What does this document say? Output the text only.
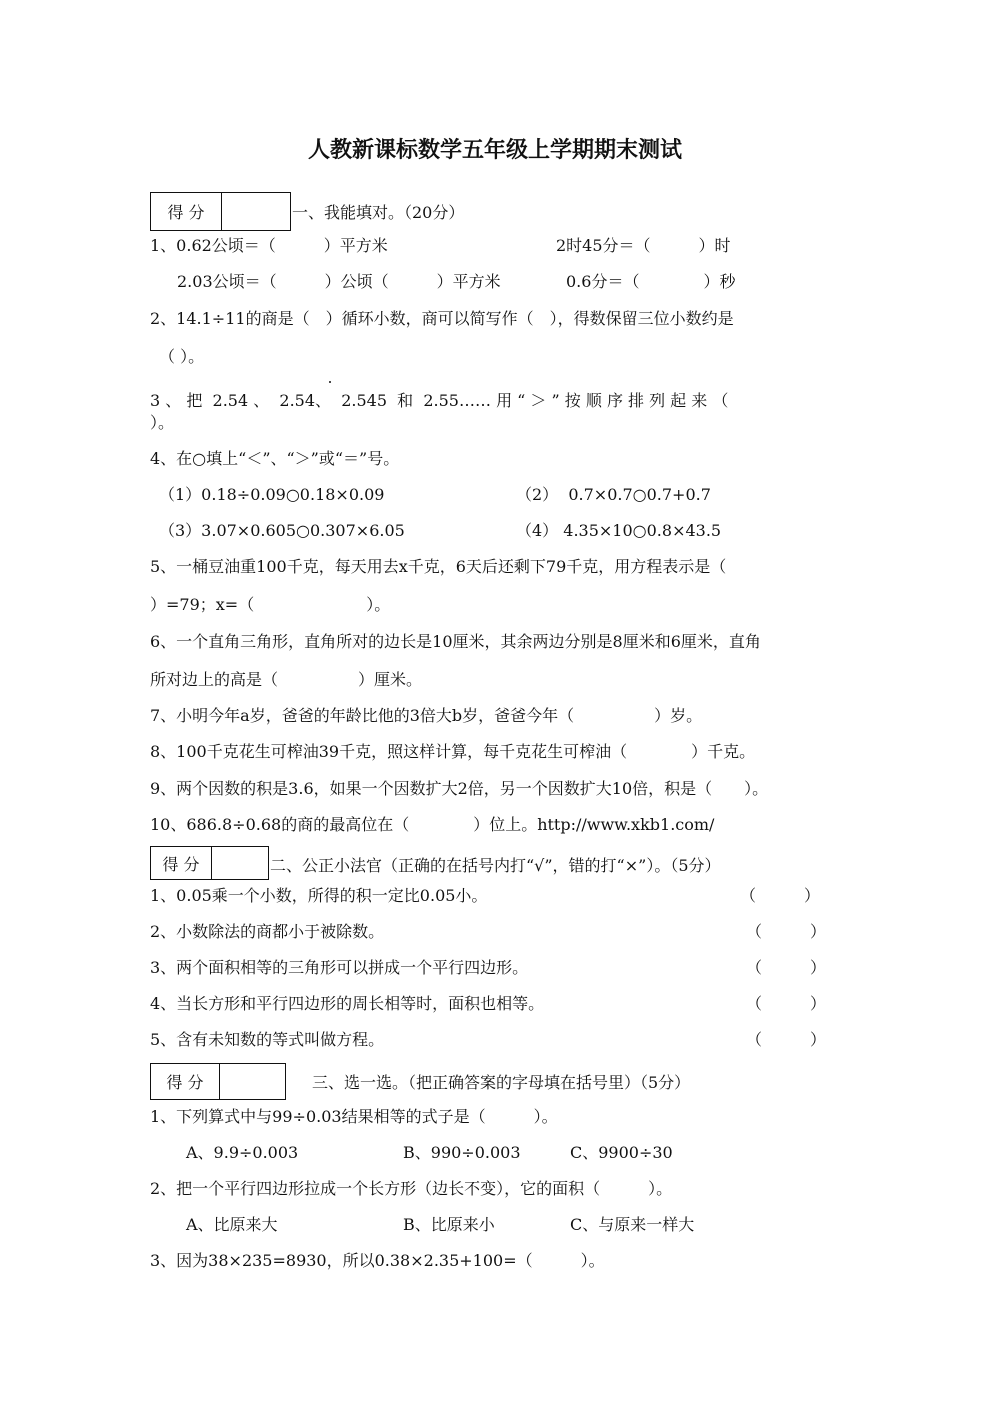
人教新课标数学五年级上学期期末测试
得 分	一、我能填对。（20分）
1、0.62公顷＝（　　　）平方米	2时45分＝（　　　）时
2.03公顷＝（　　　）公顷（　　　）平方米	0.6分＝（　　　　）秒
2、14.1÷11的商是（　）循环小数，商可以简写作（　），得数保留三位小数约是
（ ）。
3 、 把  2.54 、  2.54、  2.545  和  2.55…… 用 “ ＞ ” 按 顺 序 排 列 起 来 （
）。
4、在○填上“＜”、“＞”或“＝”号。
（1）0.18÷0.09○0.18×0.09	（2）  0.7×0.7○0.7+0.7
（3）3.07×0.605○0.307×6.05	（4） 4.35×10○0.8×43.5
5、一桶豆油重100千克，每天用去x千克，6天后还剩下79千克，用方程表示是（
）=79；x=（　　　　　　　）。
6、一个直角三角形，直角所对的边长是10厘米，其余两边分别是8厘米和6厘米，直角
所对边上的高是（　　　　　）厘米。
7、小明今年a岁，爸爸的年龄比他的3倍大b岁，爸爸今年（　　　　　）岁。
8、100千克花生可榨油39千克，照这样计算，每千克花生可榨油（　　　　）千克。
9、两个因数的积是3.6，如果一个因数扩大2倍，另一个因数扩大10倍，积是（　　）。
10、686.8÷0.68的商的最高位在（　　　　）位上。http://www.xkb1.com/
得 分	二、公正小法官（正确的在括号内打“√”，错的打“×”）。（5分）
1、0.05乘一个小数，所得的积一定比0.05小。	（　　　）
2、小数除法的商都小于被除数。	（　　　）
3、两个面积相等的三角形可以拼成一个平行四边形。	（　　　）
4、当长方形和平行四边形的周长相等时，面积也相等。	（　　　）
5、含有未知数的等式叫做方程。	（　　　）
得 分	三、选一选。（把正确答案的字母填在括号里）（5分）
1、下列算式中与99÷0.03结果相等的式子是（　　　）。
A、9.9÷0.003	B、990÷0.003	C、9900÷30
2、把一个平行四边形拉成一个长方形（边长不变），它的面积（　　　）。
A、比原来大	B、比原来小	C、与原来一样大
3、因为38×235=8930，所以0.38×2.35+100=（　　　）。
